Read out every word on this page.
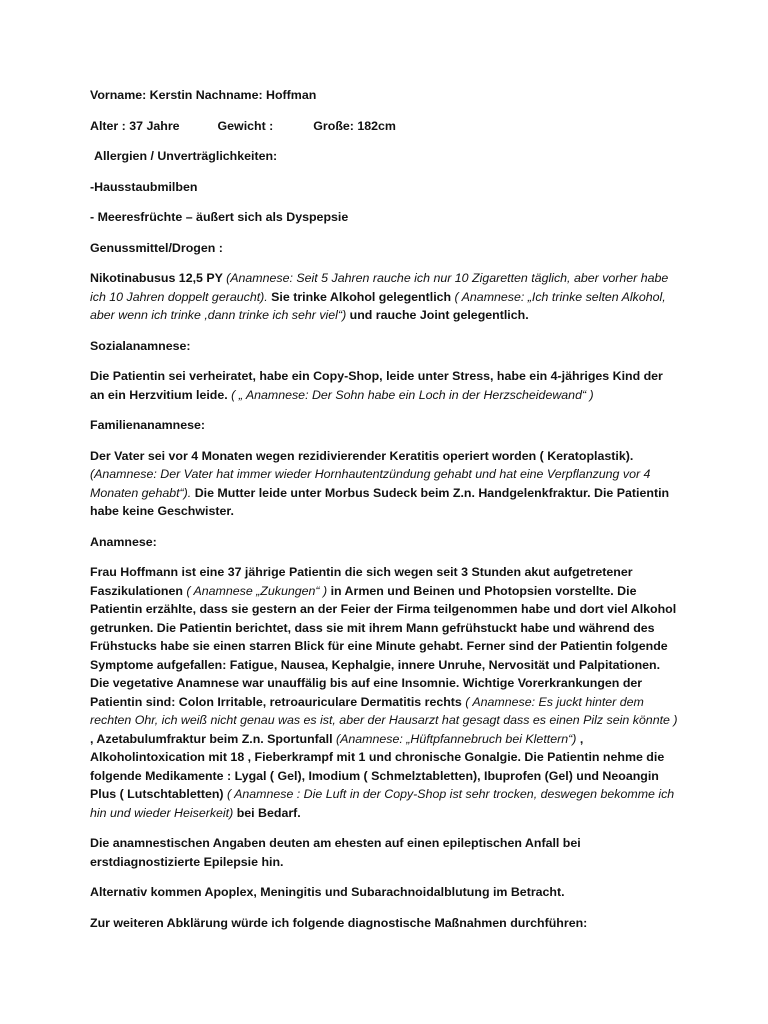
Vorname: Kerstin Nachname: Hoffman

Alter : 37 Jahre	Gewicht :	Große: 182cm

Allergien / Unverträglichkeiten:

-Hausstaubmilben

- Meeresfrüchte – äußert sich als Dyspepsie

Genussmittel/Drogen :

Nikotinabusus 12,5 PY (Anamnese: Seit 5 Jahren rauche ich nur 10 Zigaretten täglich, aber vorher habe ich 10 Jahren doppelt geraucht). Sie trinke Alkohol gelegentlich ( Anamnese: „Ich trinke selten Alkohol, aber wenn ich trinke ,dann trinke ich sehr viel“) und rauche Joint gelegentlich.

Sozialanamnese:

Die Patientin sei verheiratet, habe ein Copy-Shop, leide unter Stress, habe ein 4-jähriges Kind der an ein Herzvitium leide. ( „ Anamnese: Der Sohn habe ein Loch in der Herzscheidewand“ )

Familienanamnese:

Der Vater sei vor 4 Monaten wegen rezidivierender Keratitis operiert worden ( Keratoplastik). (Anamnese: Der Vater hat immer wieder Hornhautentzündung gehabt und hat eine Verpflanzung vor 4 Monaten gehabt“). Die Mutter leide unter Morbus Sudeck beim Z.n. Handgelenkfraktur. Die Patientin habe keine Geschwister.

Anamnese:

Frau Hoffmann ist eine 37 jährige Patientin die sich wegen seit 3 Stunden akut aufgetretener Faszikulationen ( Anamnese „Zukungen“ ) in Armen und Beinen und Photopsien vorstellte. Die Patientin erzählte, dass sie gestern an der Feier der Firma teilgenommen habe und dort viel Alkohol getrunken. Die Patientin berichtet, dass sie mit ihrem Mann gefrühstuckt habe und während des Frühstucks habe sie einen starren Blick für eine Minute gehabt. Ferner sind der Patientin folgende Symptome aufgefallen: Fatigue, Nausea, Kephalgie, innere Unruhe, Nervosität und Palpitationen. Die vegetative Anamnese war unauffälig bis auf eine Insomnie. Wichtige Vorerkrankungen der Patientin sind: Colon Irritable, retroauriculare Dermatitis rechts ( Anamnese: Es juckt hinter dem rechten Ohr, ich weiß nicht genau was es ist, aber der Hausarzt hat gesagt dass es einen Pilz sein könnte ) , Azetabulumfraktur beim Z.n. Sportunfall (Anamnese: „Hüftpfannebruch bei Klettern“) , Alkoholintoxication mit 18 , Fieberkrampf mit 1 und chronische Gonalgie. Die Patientin nehme die folgende Medikamente : Lygal ( Gel), Imodium ( Schmelztabletten), Ibuprofen (Gel) und Neoangin Plus ( Lutschtabletten) ( Anamnese : Die Luft in der Copy-Shop ist sehr trocken, deswegen bekomme ich hin und wieder Heiserkeit) bei Bedarf.

Die anamnestischen Angaben deuten am ehesten auf einen epileptischen Anfall bei erstdiagnostizierte Epilepsie hin.

Alternativ kommen Apoplex, Meningitis und Subarachnoidalblutung im Betracht.

Zur weiteren Abklärung würde ich folgende diagnostische Maßnahmen durchführen:
